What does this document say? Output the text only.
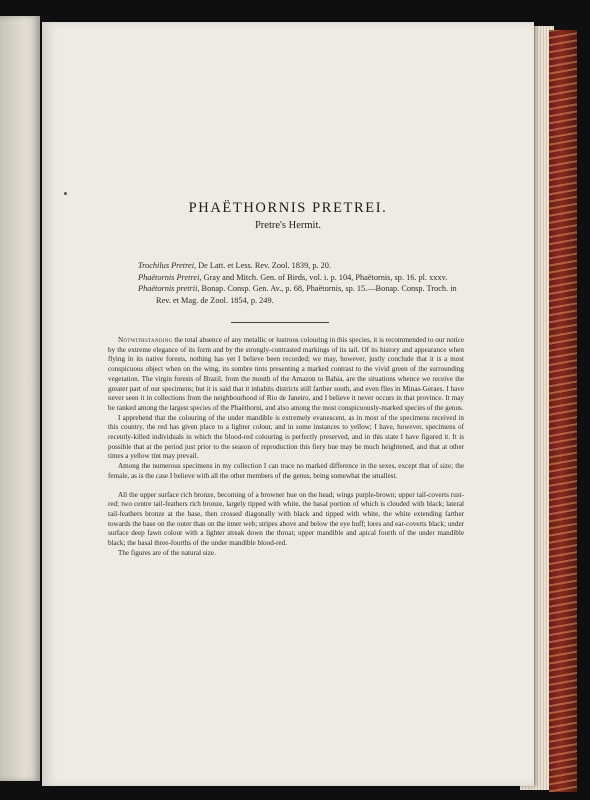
PHAËTHORNIS PRETREI.
Pretre's Hermit.
Trochilus Pretrei, De Latt. et Less. Rev. Zool. 1839, p. 20.
Phaëtornis Pretrei, Gray and Mitch. Gen. of Birds, vol. i. p. 104, Phaëtornis, sp. 16. pl. xxxv.
Phaëtornis pretrii, Bonap. Consp. Gen. Av., p. 68, Phaëtornis, sp. 15.—Bonap. Consp. Troch. in Rev. et Mag. de Zool. 1854, p. 249.

Notwithstanding the total absence of any metallic or lustrous colouring in this species, it is recommended to our notice by the extreme elegance of its form and by the strongly-contrasted markings of its tail. Of its history and appearance when flying in its native forests, nothing has yet I believe been recorded; we may, however, justly conclude that it is a most conspicuous object when on the wing, its sombre tints presenting a marked contrast to the vivid green of the surrounding vegetation. The virgin forests of Brazil, from the mouth of the Amazon to Bahia, are the situations whence we receive the greater part of our specimens; but it is said that it inhabits districts still farther south, and even flies in Minas-Geraes. I have never seen it in collections from the neighbourhood of Rio de Janeiro, and I believe it never occurs in that province. It may be ranked among the largest species of the Phaëthorni, and also among the most conspicuously-marked species of the genus.

I apprehend that the colouring of the under mandible is extremely evanescent, as in most of the specimens received in this country, the red has given place to a lighter colour, and in some instances to yellow; I have, however, specimens of recently-killed individuals in which the blood-red colouring is perfectly preserved, and in this state I have figured it. It is possible that at the period just prior to the season of reproduction this fiery hue may be much heightened, and that at other times a yellow tint may prevail.

Among the numerous specimens in my collection I can trace no marked difference in the sexes, except that of size; the female, as is the case I believe with all the other members of the genus, being somewhat the smallest.

All the upper surface rich bronze, becoming of a browner hue on the head; wings purple-brown; upper tail-coverts rust-red; two centre tail-feathers rich bronze, largely tipped with white, the basal portion of which is clouded with black; lateral tail-feathers bronze at the base, then crossed diagonally with black and tipped with white, the white extending farther towards the base on the outer than on the inner web; stripes above and below the eye buff; lores and ear-coverts black; under surface deep fawn colour with a lighter streak down the throat; upper mandible and apical fourth of the under mandible black; the basal three-fourths of the under mandible blood-red.

The figures are of the natural size.
